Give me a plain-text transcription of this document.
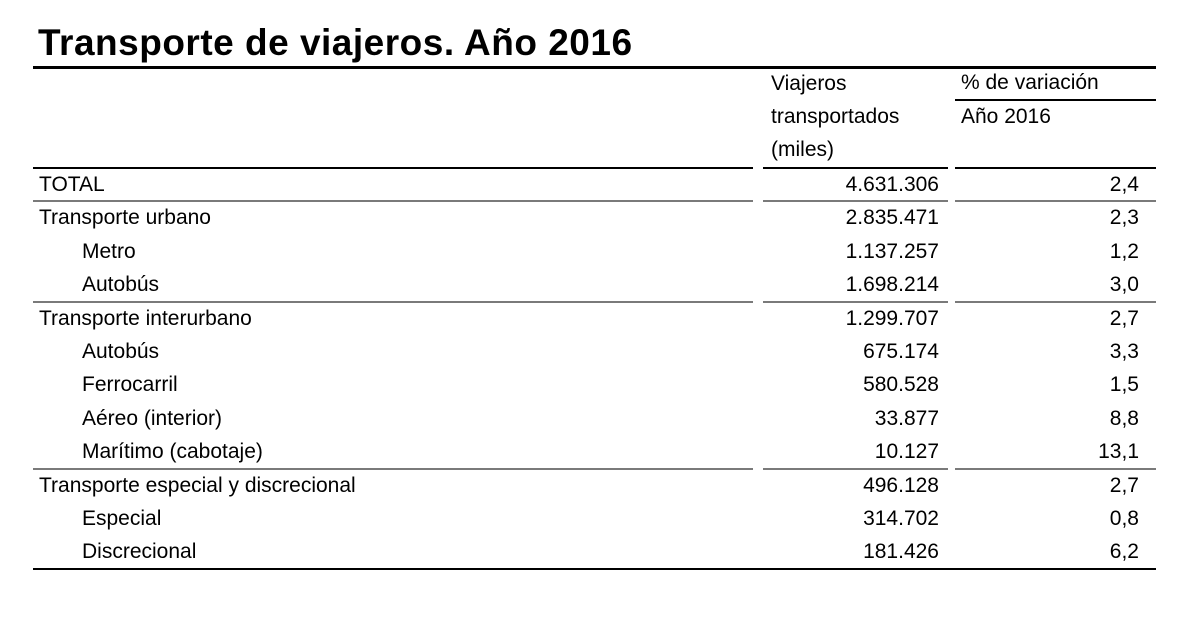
Transporte de viajeros. Año 2016
Viajeros
transportados
(miles)
% de variación
Año 2016
TOTAL	4.631.306	2,4
Transporte urbano	2.835.471	2,3
Metro	1.137.257	1,2
Autobús	1.698.214	3,0
Transporte interurbano	1.299.707	2,7
Autobús	675.174	3,3
Ferrocarril	580.528	1,5
Aéreo (interior)	33.877	8,8
Marítimo (cabotaje)	10.127	13,1
Transporte especial y discrecional	496.128	2,7
Especial	314.702	0,8
Discrecional	181.426	6,2
